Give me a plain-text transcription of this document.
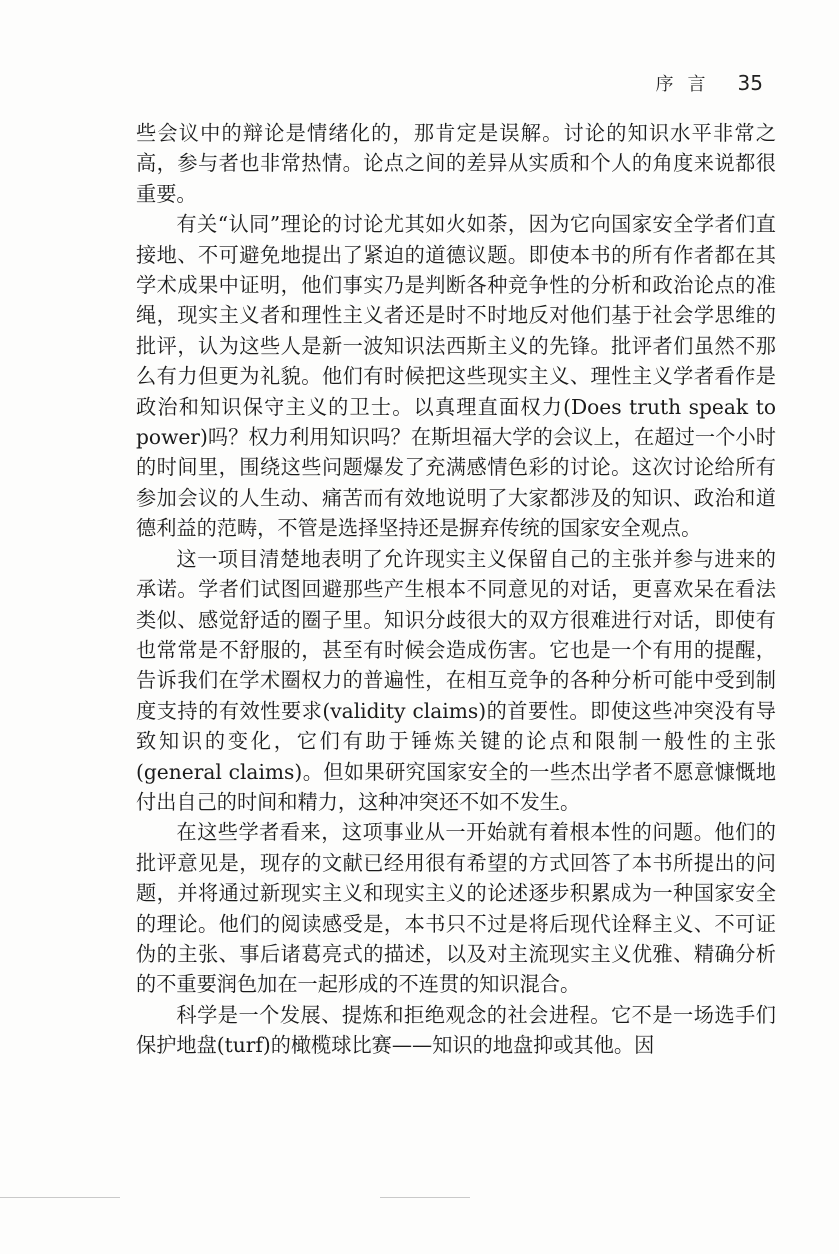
序言 35

些会议中的辩论是情绪化的，那肯定是误解。讨论的知识水平非常之高，参与者也非常热情。论点之间的差异从实质和个人的角度来说都很重要。

有关“认同”理论的讨论尤其如火如荼，因为它向国家安全学者们直接地、不可避免地提出了紧迫的道德议题。即使本书的所有作者都在其学术成果中证明，他们事实乃是判断各种竞争性的分析和政治论点的准绳，现实主义者和理性主义者还是时不时地反对他们基于社会学思维的批评，认为这些人是新一波知识法西斯主义的先锋。批评者们虽然不那么有力但更为礼貌。他们有时候把这些现实主义、理性主义学者看作是政治和知识保守主义的卫士。以真理直面权力(Does truth speak to power)吗？权力利用知识吗？在斯坦福大学的会议上，在超过一个小时的时间里，围绕这些问题爆发了充满感情色彩的讨论。这次讨论给所有参加会议的人生动、痛苦而有效地说明了大家都涉及的知识、政治和道德利益的范畴，不管是选择坚持还是摒弃传统的国家安全观点。

这一项目清楚地表明了允许现实主义保留自己的主张并参与进来的承诺。学者们试图回避那些产生根本不同意见的对话，更喜欢呆在看法类似、感觉舒适的圈子里。知识分歧很大的双方很难进行对话，即使有也常常是不舒服的，甚至有时候会造成伤害。它也是一个有用的提醒，告诉我们在学术圈权力的普遍性，在相互竞争的各种分析可能中受到制度支持的有效性要求(validity claims)的首要性。即使这些冲突没有导致知识的变化，它们有助于锤炼关键的论点和限制一般性的主张(general claims)。但如果研究国家安全的一些杰出学者不愿意慷慨地付出自己的时间和精力，这种冲突还不如不发生。

在这些学者看来，这项事业从一开始就有着根本性的问题。他们的批评意见是，现存的文献已经用很有希望的方式回答了本书所提出的问题，并将通过新现实主义和现实主义的论述逐步积累成为一种国家安全的理论。他们的阅读感受是，本书只不过是将后现代诠释主义、不可证伪的主张、事后诸葛亮式的描述，以及对主流现实主义优雅、精确分析的不重要润色加在一起形成的不连贯的知识混合。

科学是一个发展、提炼和拒绝观念的社会进程。它不是一场选手们保护地盘(turf)的橄榄球比赛——知识的地盘抑或其他。因
